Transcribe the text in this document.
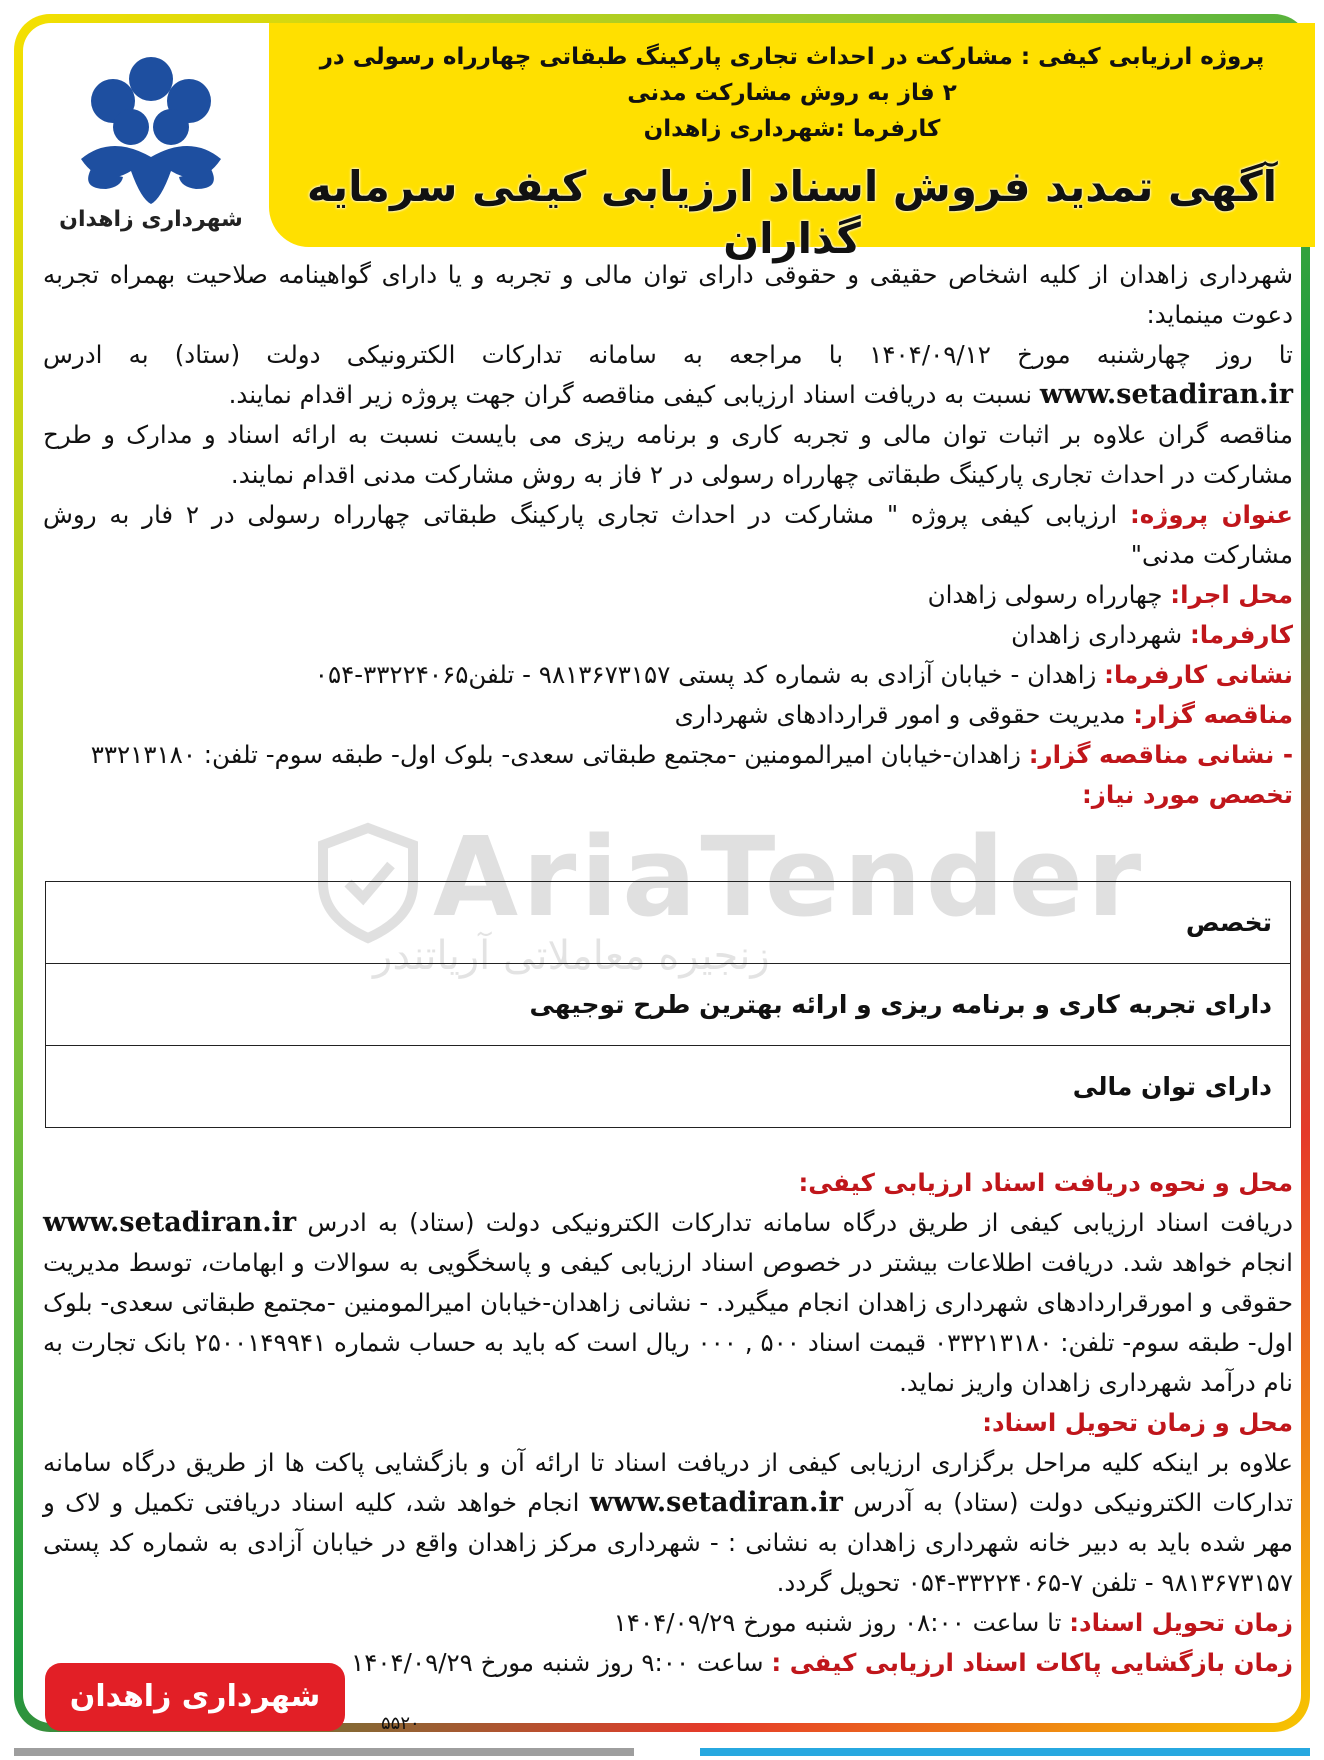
شهرداری زاهدان
پروژه ارزیابی کیفی : مشارکت در احداث تجاری پارکینگ طبقاتی چهارراه رسولی در
۲ فاز به روش مشارکت مدنی
کارفرما :شهرداری زاهدان
آگهی تمدید فروش اسناد ارزیابی کیفی سرمایه گذاران

شهرداری زاهدان از کلیه اشخاص حقیقی و حقوقی دارای توان مالی و تجربه و یا دارای گواهینامه صلاحیت بهمراه تجربه دعوت مینماید:

تا روز چهارشنبه مورخ ۱۴۰۴/۰۹/۱۲ با مراجعه به سامانه تدارکات الکترونیکی دولت (ستاد) به ادرس www.setadiran.ir نسبت به دریافت اسناد ارزیابی کیفی مناقصه گران جهت پروژه زیر اقدام نمایند.

مناقصه گران علاوه بر اثبات توان مالی و تجربه کاری و برنامه ریزی می بایست نسبت به ارائه اسناد و مدارک و طرح مشارکت در احداث تجاری پارکینگ طبقاتی چهارراه رسولی در ۲ فاز به روش مشارکت مدنی اقدام نمایند.

عنوان پروژه: ارزیابی کیفی پروژه " مشارکت در احداث تجاری پارکینگ طبقاتی چهارراه رسولی در ۲ فار به روش مشارکت مدنی"

محل اجرا: چهارراه رسولی زاهدان

کارفرما: شهرداری زاهدان

نشانی کارفرما: زاهدان - خیابان آزادی به شماره کد پستی ۹۸۱۳۶۷۳۱۵۷ - تلفن۳۳۲۲۴۰۶۵-۰۵۴

مناقصه گزار: مدیریت حقوقی و امور قراردادهای شهرداری

- نشانی مناقصه گزار: زاهدان-خیابان امیرالمومنین -مجتمع طبقاتی سعدی- بلوک اول- طبقه سوم- تلفن: ۳۳۲۱۳۱۸۰

تخصص مورد نیاز:

AriaTender
زنجیره معاملاتی آریاتندر
تخصص
دارای تجربه کاری و برنامه ریزی و ارائه بهترین طرح توجیهی
دارای توان مالی

محل و نحوه دریافت اسناد ارزیابی کیفی:

دریافت اسناد ارزیابی کیفی از طریق درگاه سامانه تدارکات الکترونیکی دولت (ستاد) به ادرس www.setadiran.ir انجام خواهد شد. دریافت اطلاعات بیشتر در خصوص اسناد ارزیابی کیفی و پاسخگویی به سوالات و ابهامات، توسط مدیریت حقوقی و امورقراردادهای شهرداری زاهدان انجام میگیرد. - نشانی زاهدان-خیابان امیرالمومنین -مجتمع طبقاتی سعدی- بلوک اول- طبقه سوم- تلفن: ۰۳۳۲۱۳۱۸۰ قیمت اسناد ۵۰۰ , ۰۰۰ ریال است که باید به حساب شماره ۲۵۰۰۱۴۹۹۴۱ بانک تجارت به نام درآمد شهرداری زاهدان واریز نماید.

محل و زمان تحویل اسناد:

علاوه بر اینکه کلیه مراحل برگزاری ارزیابی کیفی از دریافت اسناد تا ارائه آن و بازگشایی پاکت ها از طریق درگاه سامانه تدارکات الکترونیکی دولت (ستاد) به آدرس www.setadiran.ir انجام خواهد شد، کلیه اسناد دریافتی تکمیل و لاک و مهر شده باید به دبیر خانه شهرداری زاهدان به نشانی : - شهرداری مرکز زاهدان واقع در خیابان آزادی به شماره کد پستی ۹۸۱۳۶۷۳۱۵۷ - تلفن ۷-۳۳۲۲۴۰۶۵-۰۵۴ تحویل گردد.

زمان تحویل اسناد: تا ساعت ۰۸:۰۰ روز شنبه مورخ ۱۴۰۴/۰۹/۲۹

زمان بازگشایی پاکات اسناد ارزیابی کیفی : ساعت ۹:۰۰ روز شنبه مورخ ۱۴۰۴/۰۹/۲۹

شهرداری زاهدان
۵۵۲۰
